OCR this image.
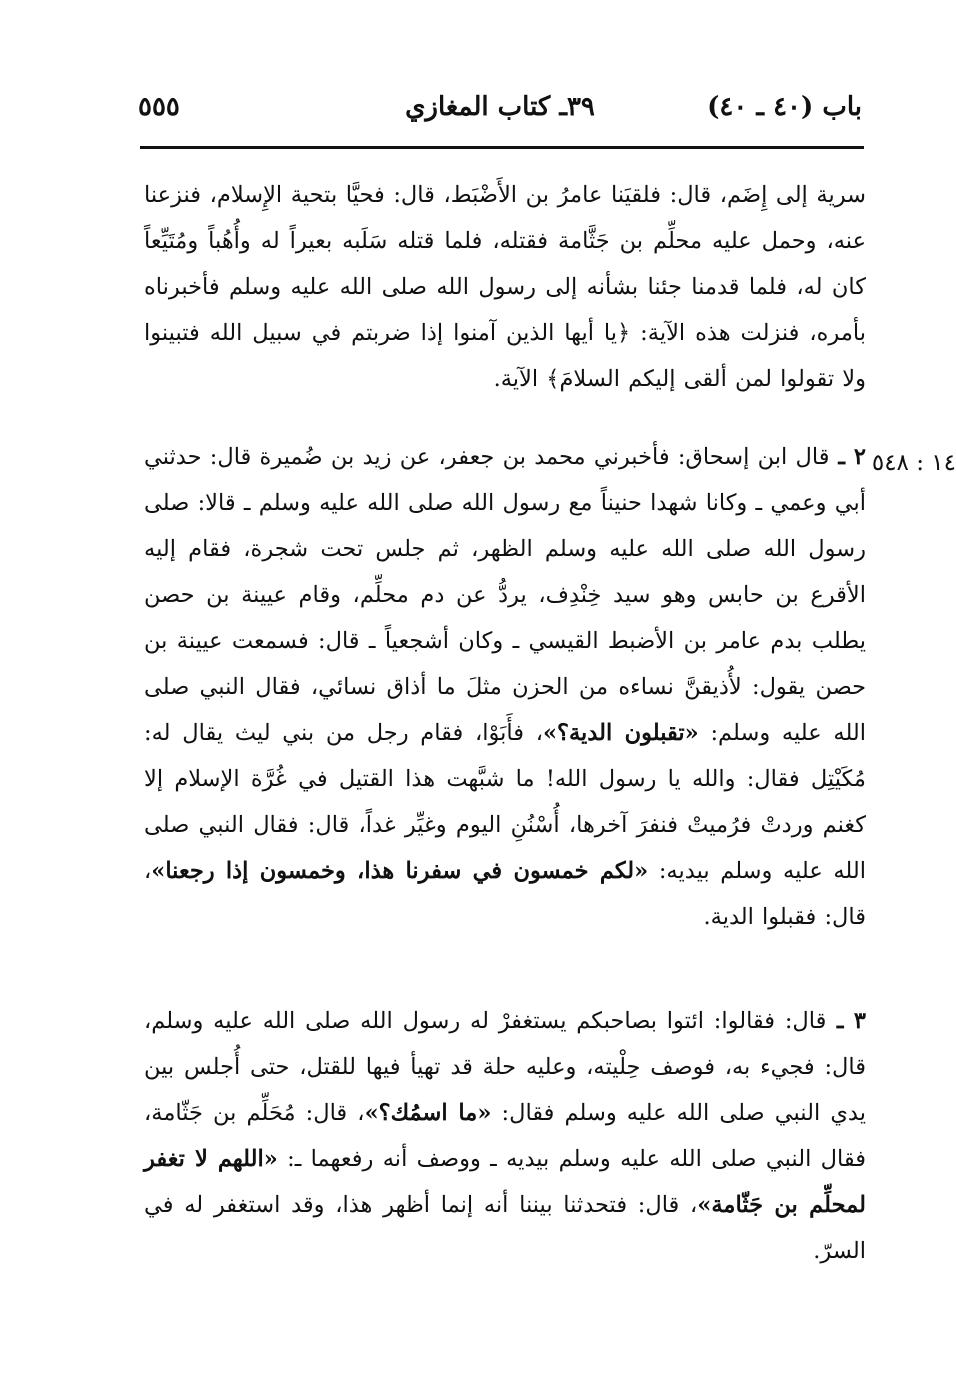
باب (٤٠ ـ ٤٠)
٣٩ـ كتاب المغازي
٥٥٥
١٤ : ٥٤٨
سرية إلى إِضَم، قال: فلقيَنا عامرُ بن الأَضْبَط، قال: فحيَّا بتحية الإِسلام، فنزعنا عنه، وحمل عليه محلِّم بن جَثَّامة فقتله، فلما قتله سَلَبه بعيراً له وأُهُباً ومُتَيِّعاً كان له، فلما قدمنا جئنا بشأنه إلى رسول الله صلى الله عليه وسلم فأخبرناه بأمره، فنزلت هذه الآية: ﴿يا أيها الذين آمنوا إذا ضربتم في سبيل الله فتبينوا ولا تقولوا لمن ألقى إليكم السلامَ﴾ الآية.
٢ ـ قال ابن إسحاق: فأخبرني محمد بن جعفر، عن زيد بن ضُميرة قال: حدثني أبي وعمي ـ وكانا شهدا حنيناً مع رسول الله صلى الله عليه وسلم ـ قالا: صلى رسول الله صلى الله عليه وسلم الظهر، ثم جلس تحت شجرة، فقام إليه الأقرع بن حابس وهو سيد خِنْدِف، يردُّ عن دم محلِّم، وقام عيينة بن حصن يطلب بدم عامر بن الأضبط القيسي ـ وكان أشجعياً ـ قال: فسمعت عيينة بن حصن يقول: لأُذيقنَّ نساءه من الحزن مثلَ ما أذاق نسائي، فقال النبي صلى الله عليه وسلم: «تقبلون الدية؟»، فأَبَوْا، فقام رجل من بني ليث يقال له: مُكَيْتِل فقال: والله يا رسول الله! ما شبَّهت هذا القتيل في غُرَّة الإسلام إلا كغنم وردتْ فرُميتْ فنفرَ آخرها، أُسْنُنِ اليوم وغيِّر غداً، قال: فقال النبي صلى الله عليه وسلم بيديه: «لكم خمسون في سفرنا هذا، وخمسون إذا رجعنا»، قال: فقبلوا الدية.
٣ ـ قال: فقالوا: ائتوا بصاحبكم يستغفرْ له رسول الله صلى الله عليه وسلم، قال: فجيء به، فوصف حِلْيته، وعليه حلة قد تهيأ فيها للقتل، حتى أُجلس بين يدي النبي صلى الله عليه وسلم فقال: «ما اسمُك؟»، قال: مُحَلِّم بن جَثّامة، فقال النبي صلى الله عليه وسلم بيديه ـ ووصف أنه رفعهما ـ: «اللهم لا تغفر لمحلِّم بن جَثّامة»، قال: فتحدثنا بيننا أنه إنما أظهر هذا، وقد استغفر له في السرّ.
